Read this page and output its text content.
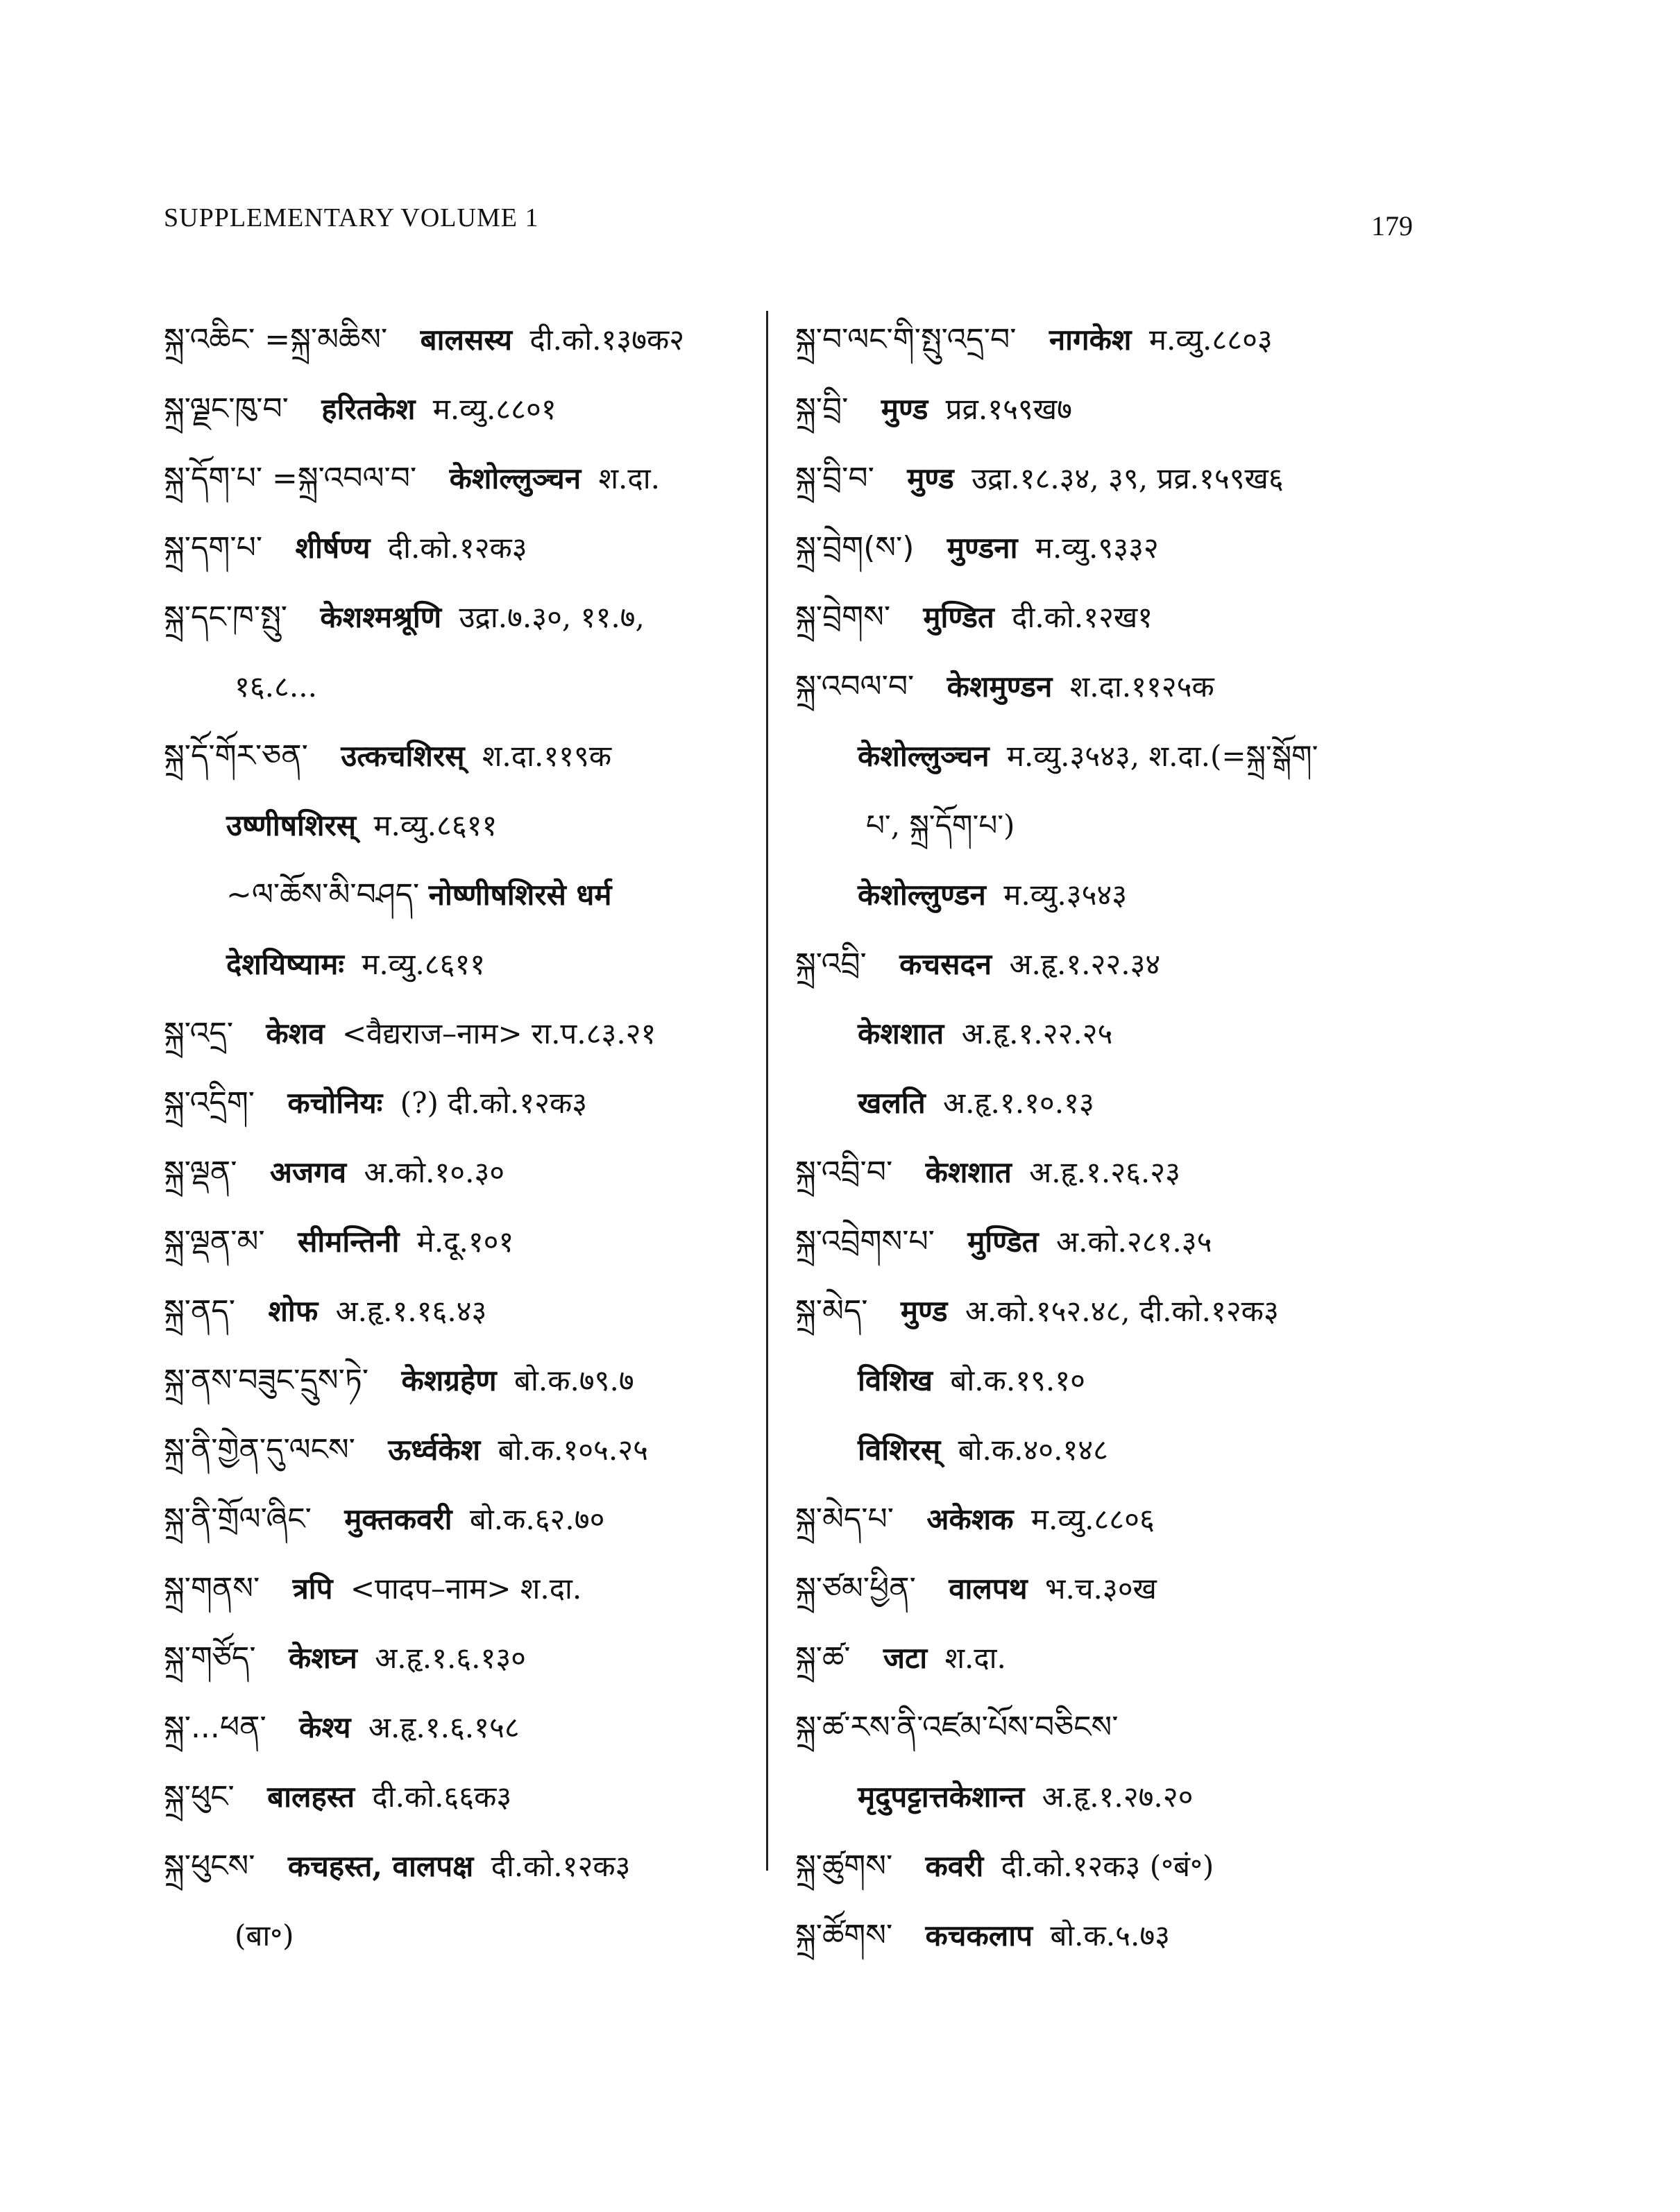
SUPPLEMENTARY VOLUME 1	179
སྐྲ་འཆིང་ =སྐྲ་མཆིས་ बालसस्य दी.को.१३७क२
སྐྲ་ལྗང་ཁུ་བ་ हरितकेश म.व्यु.८८०१
སྐྲ་དོག་པ་ =སྐྲ་འབལ་བ་ केशोल्लुञ्चन श.दा.
སྐྲ་དག་པ་ शीर्षण्य दी.को.१२क३
སྐྲ་དང་ཁ་སྤུ་ केशश्मश्रूणि उद्रा.७.३०, ११.७,
१६.८...
སྐྲ་དོ་གོར་ཅན་ उत्कचशिरस् श.दा.११९क
उष्णीषशिरस् म.व्यु.८६११
~ལ་ཆོས་མི་བཤད་ नोष्णीषशिरसे धर्म
देशयिष्यामः म.व्यु.८६११
སྐྲ་འདྲ་ केशव <वैद्यराज–नाम> रा.प.८३.२१
སྐྲ་འདྲིག་ कचोनियः (?) दी.को.१२क३
སྐྲ་ལྡན་ अजगव अ.को.१०.३०
སྐྲ་ལྡན་མ་ सीमन्तिनी मे.दू.१०१
སྐྲ་ནད་ शोफ अ.हृ.१.१६.४३
སྐྲ་ནས་བཟུང་དྲུས་ཏེ་ केशग्रहेण बो.क.७९.७
སྐྲ་ནི་གྱེན་དུ་ལངས་ ऊर्ध्वकेश बो.क.१०५.२५
སྐྲ་ནི་གྲོལ་ཞིང་ मुक्तकवरी बो.क.६२.७०
སྐྲ་གནས་ त्रपि <पादप–नाम> श.दा.
སྐྲ་གཙོད་ केशघ्न अ.हृ.१.६.१३०
སྐྲ་...ཕན་ केश्य अ.हृ.१.६.१५८
སྐྲ་ཕུང་ बालहस्त दी.को.६६क३
སྐྲ་ཕུངས་ कचहस्त, वालपक्ष दी.को.१२क३
(बा॰)
སྐྲ་བ་ལང་གི་སྤུ་འདྲ་བ་ नागकेश म.व्यु.८८०३
སྐྲ་བྲི་ मुण्ड प्रव्र.१५९ख७
སྐྲ་བྲི་བ་ मुण्ड उद्रा.१८.३४, ३९, प्रव्र.१५९ख६
སྐྲ་བྲེག(ས་) मुण्डना म.व्यु.९३३२
སྐྲ་བྲེགས་ मुण्डित दी.को.१२ख१
སྐྲ་འབལ་བ་ केशमुण्डन श.दा.११२५क
केशोल्लुञ्चन म.व्यु.३५४३, श.दा.(=སྐྲ་སྒོག་
པ་, སྐྲ་དོག་པ་)
केशोल्लुण्डन म.व्यु.३५४३
སྐྲ་འབྲི་ कचसदन अ.हृ.१.२२.३४
केशशात अ.हृ.१.२२.२५
खलति अ.हृ.१.१०.१३
སྐྲ་འབྲི་བ་ केशशात अ.हृ.१.२६.२३
སྐྲ་འབྲེགས་པ་ मुण्डित अ.को.२८१.३५
སྐྲ་མེད་ मुण्ड अ.को.१५२.४८, दी.को.१२क३
विशिख बो.क.१९.१०
विशिरस् बो.क.४०.१४८
སྐྲ་མེད་པ་ अकेशक म.व्यु.८८०६
སྐྲ་ཙམ་ཕྱིན་ वालपथ भ.च.३०ख
སྐྲ་ཚ་ जटा श.दा.
སྐྲ་ཚ་རས་ནི་འཛམ་པོས་བཅིངས་
मृदुपट्टात्तकेशान्त अ.हृ.१.२७.२०
སྐྲ་ཚུགས་ कवरी दी.को.१२क३ (॰बं॰)
སྐྲ་ཚོགས་ कचकलाप बो.क.५.७३
